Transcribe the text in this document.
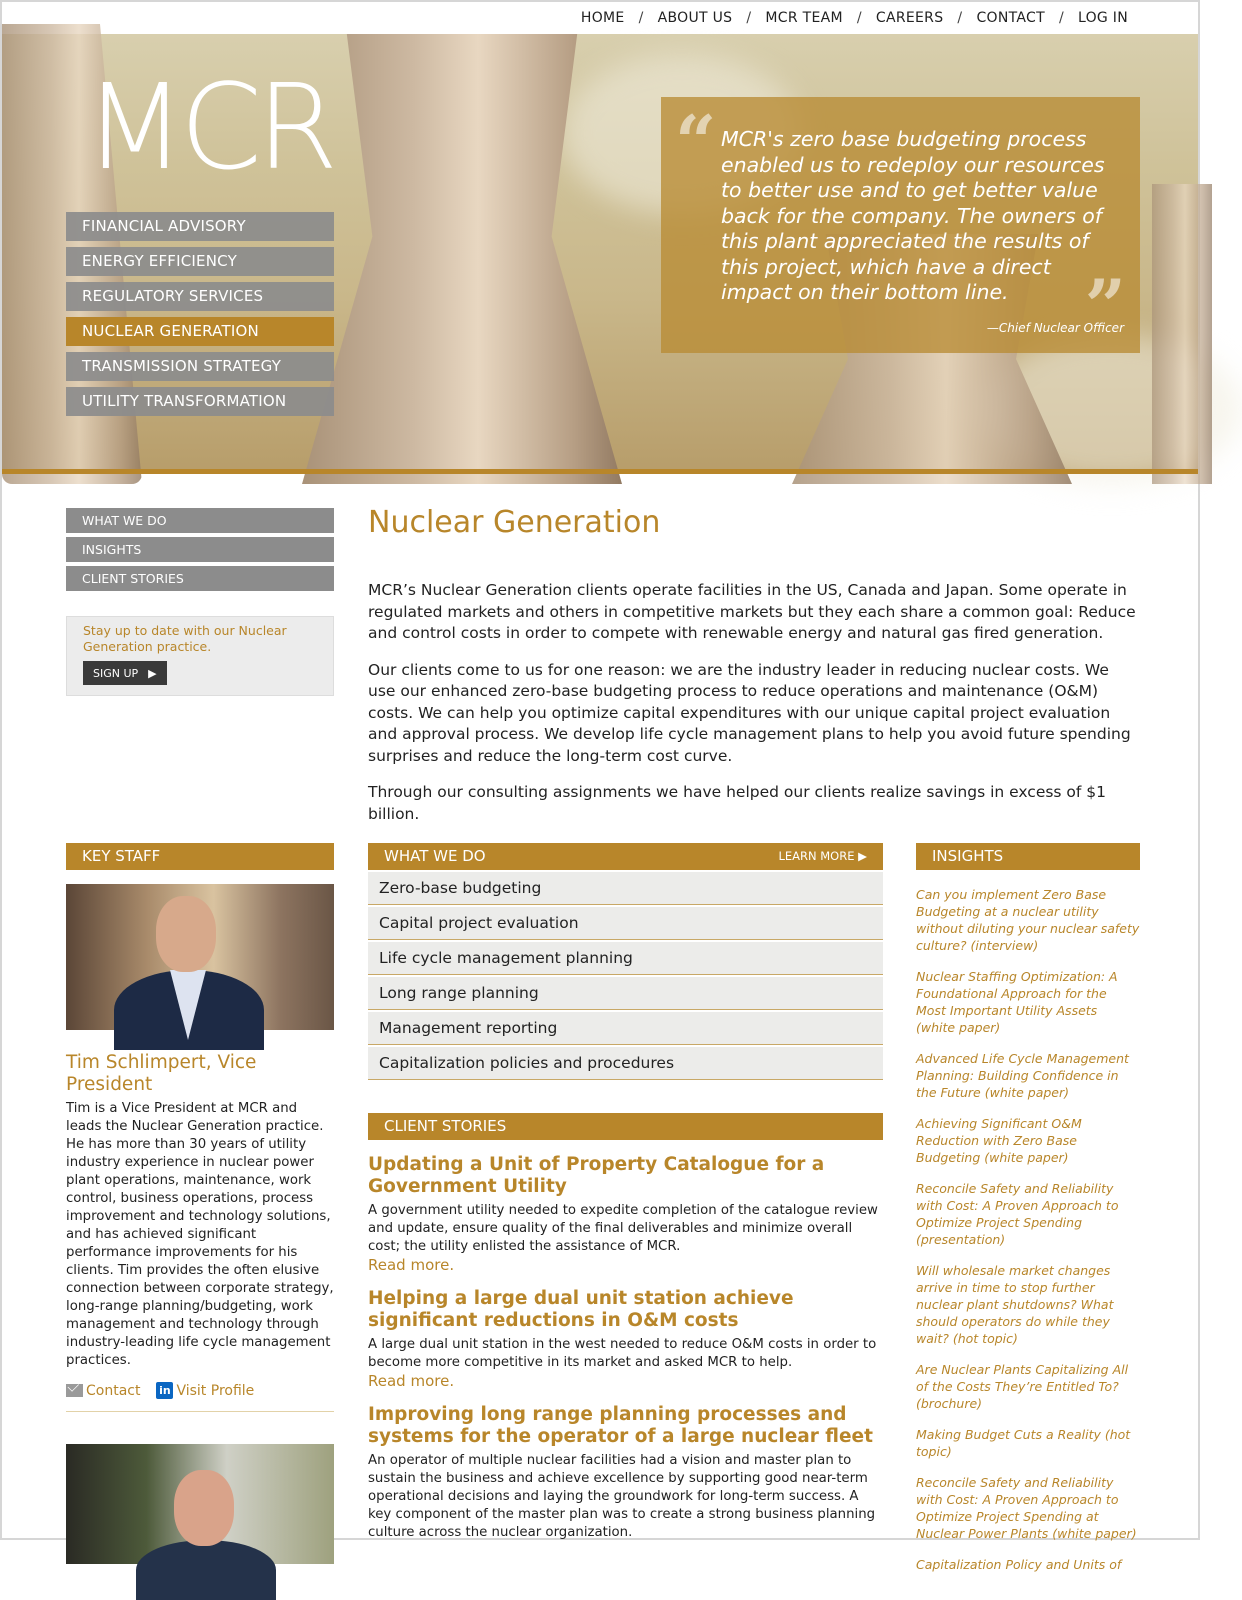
HOME / ABOUT US / MCR TEAM / CAREERS / CONTACT / LOG IN
MCR
FINANCIAL ADVISORY
ENERGY EFFICIENCY
REGULATORY SERVICES
NUCLEAR GENERATION
TRANSMISSION STRATEGY
UTILITY TRANSFORMATION
“ MCR's zero base budgeting process enabled us to redeploy our resources to better use and to get better value back for the company. The owners of this plant appreciated the results of this project, which have a direct impact on their bottom line.	”
—Chief Nuclear Officer
WHAT WE DO
INSIGHTS
CLIENT STORIES
Stay up to date with our Nuclear Generation practice.
SIGN UP ▶
Nuclear Generation

MCR’s Nuclear Generation clients operate facilities in the US, Canada and Japan. Some operate in regulated markets and others in competitive markets but they each share a common goal: Reduce and control costs in order to compete with renewable energy and natural gas fired generation.

Our clients come to us for one reason: we are the industry leader in reducing nuclear costs. We use our enhanced zero-base budgeting process to reduce operations and maintenance (O&M) costs. We can help you optimize capital expenditures with our unique capital project evaluation and approval process. We develop life cycle management plans to help you avoid future spending surprises and reduce the long-term cost curve.

Through our consulting assignments we have helped our clients realize savings in excess of $1 billion.

KEY STAFF
Tim Schlimpert, Vice President
Tim is a Vice President at MCR and leads the Nuclear Generation practice. He has more than 30 years of utility industry experience in nuclear power plant operations, maintenance, work control, business operations, process improvement and technology solutions, and has achieved significant performance improvements for his clients. Tim provides the often elusive connection between corporate strategy, long-range planning/budgeting, work management and technology through industry-leading life cycle management practices.
Contact in Visit Profile
WHAT WE DO	LEARN MORE ▶
Zero-base budgeting
Capital project evaluation
Life cycle management planning
Long range planning
Management reporting
Capitalization policies and procedures
CLIENT STORIES
Updating a Unit of Property Catalogue for a Government Utility
A government utility needed to expedite completion of the catalogue review and update, ensure quality of the final deliverables and minimize overall cost; the utility enlisted the assistance of MCR.
Read more.
Helping a large dual unit station achieve significant reductions in O&M costs
A large dual unit station in the west needed to reduce O&M costs in order to become more competitive in its market and asked MCR to help.
Read more.
Improving long range planning processes and systems for the operator of a large nuclear fleet
An operator of multiple nuclear facilities had a vision and master plan to sustain the business and achieve excellence by supporting good near-term operational decisions and laying the groundwork for long-term success. A key component of the master plan was to create a strong business planning culture across the nuclear organization.
INSIGHTS
Can you implement Zero Base Budgeting at a nuclear utility without diluting your nuclear safety culture? (interview)
Nuclear Staffing Optimization: A Foundational Approach for the Most Important Utility Assets (white paper)
Advanced Life Cycle Management Planning: Building Confidence in the Future (white paper)
Achieving Significant O&M Reduction with Zero Base Budgeting (white paper)
Reconcile Safety and Reliability with Cost: A Proven Approach to Optimize Project Spending (presentation)
Will wholesale market changes arrive in time to stop further nuclear plant shutdowns? What should operators do while they wait? (hot topic)
Are Nuclear Plants Capitalizing All of the Costs They’re Entitled To? (brochure)
Making Budget Cuts a Reality (hot topic)
Reconcile Safety and Reliability with Cost: A Proven Approach to Optimize Project Spending at Nuclear Power Plants (white paper)
Capitalization Policy and Units of
